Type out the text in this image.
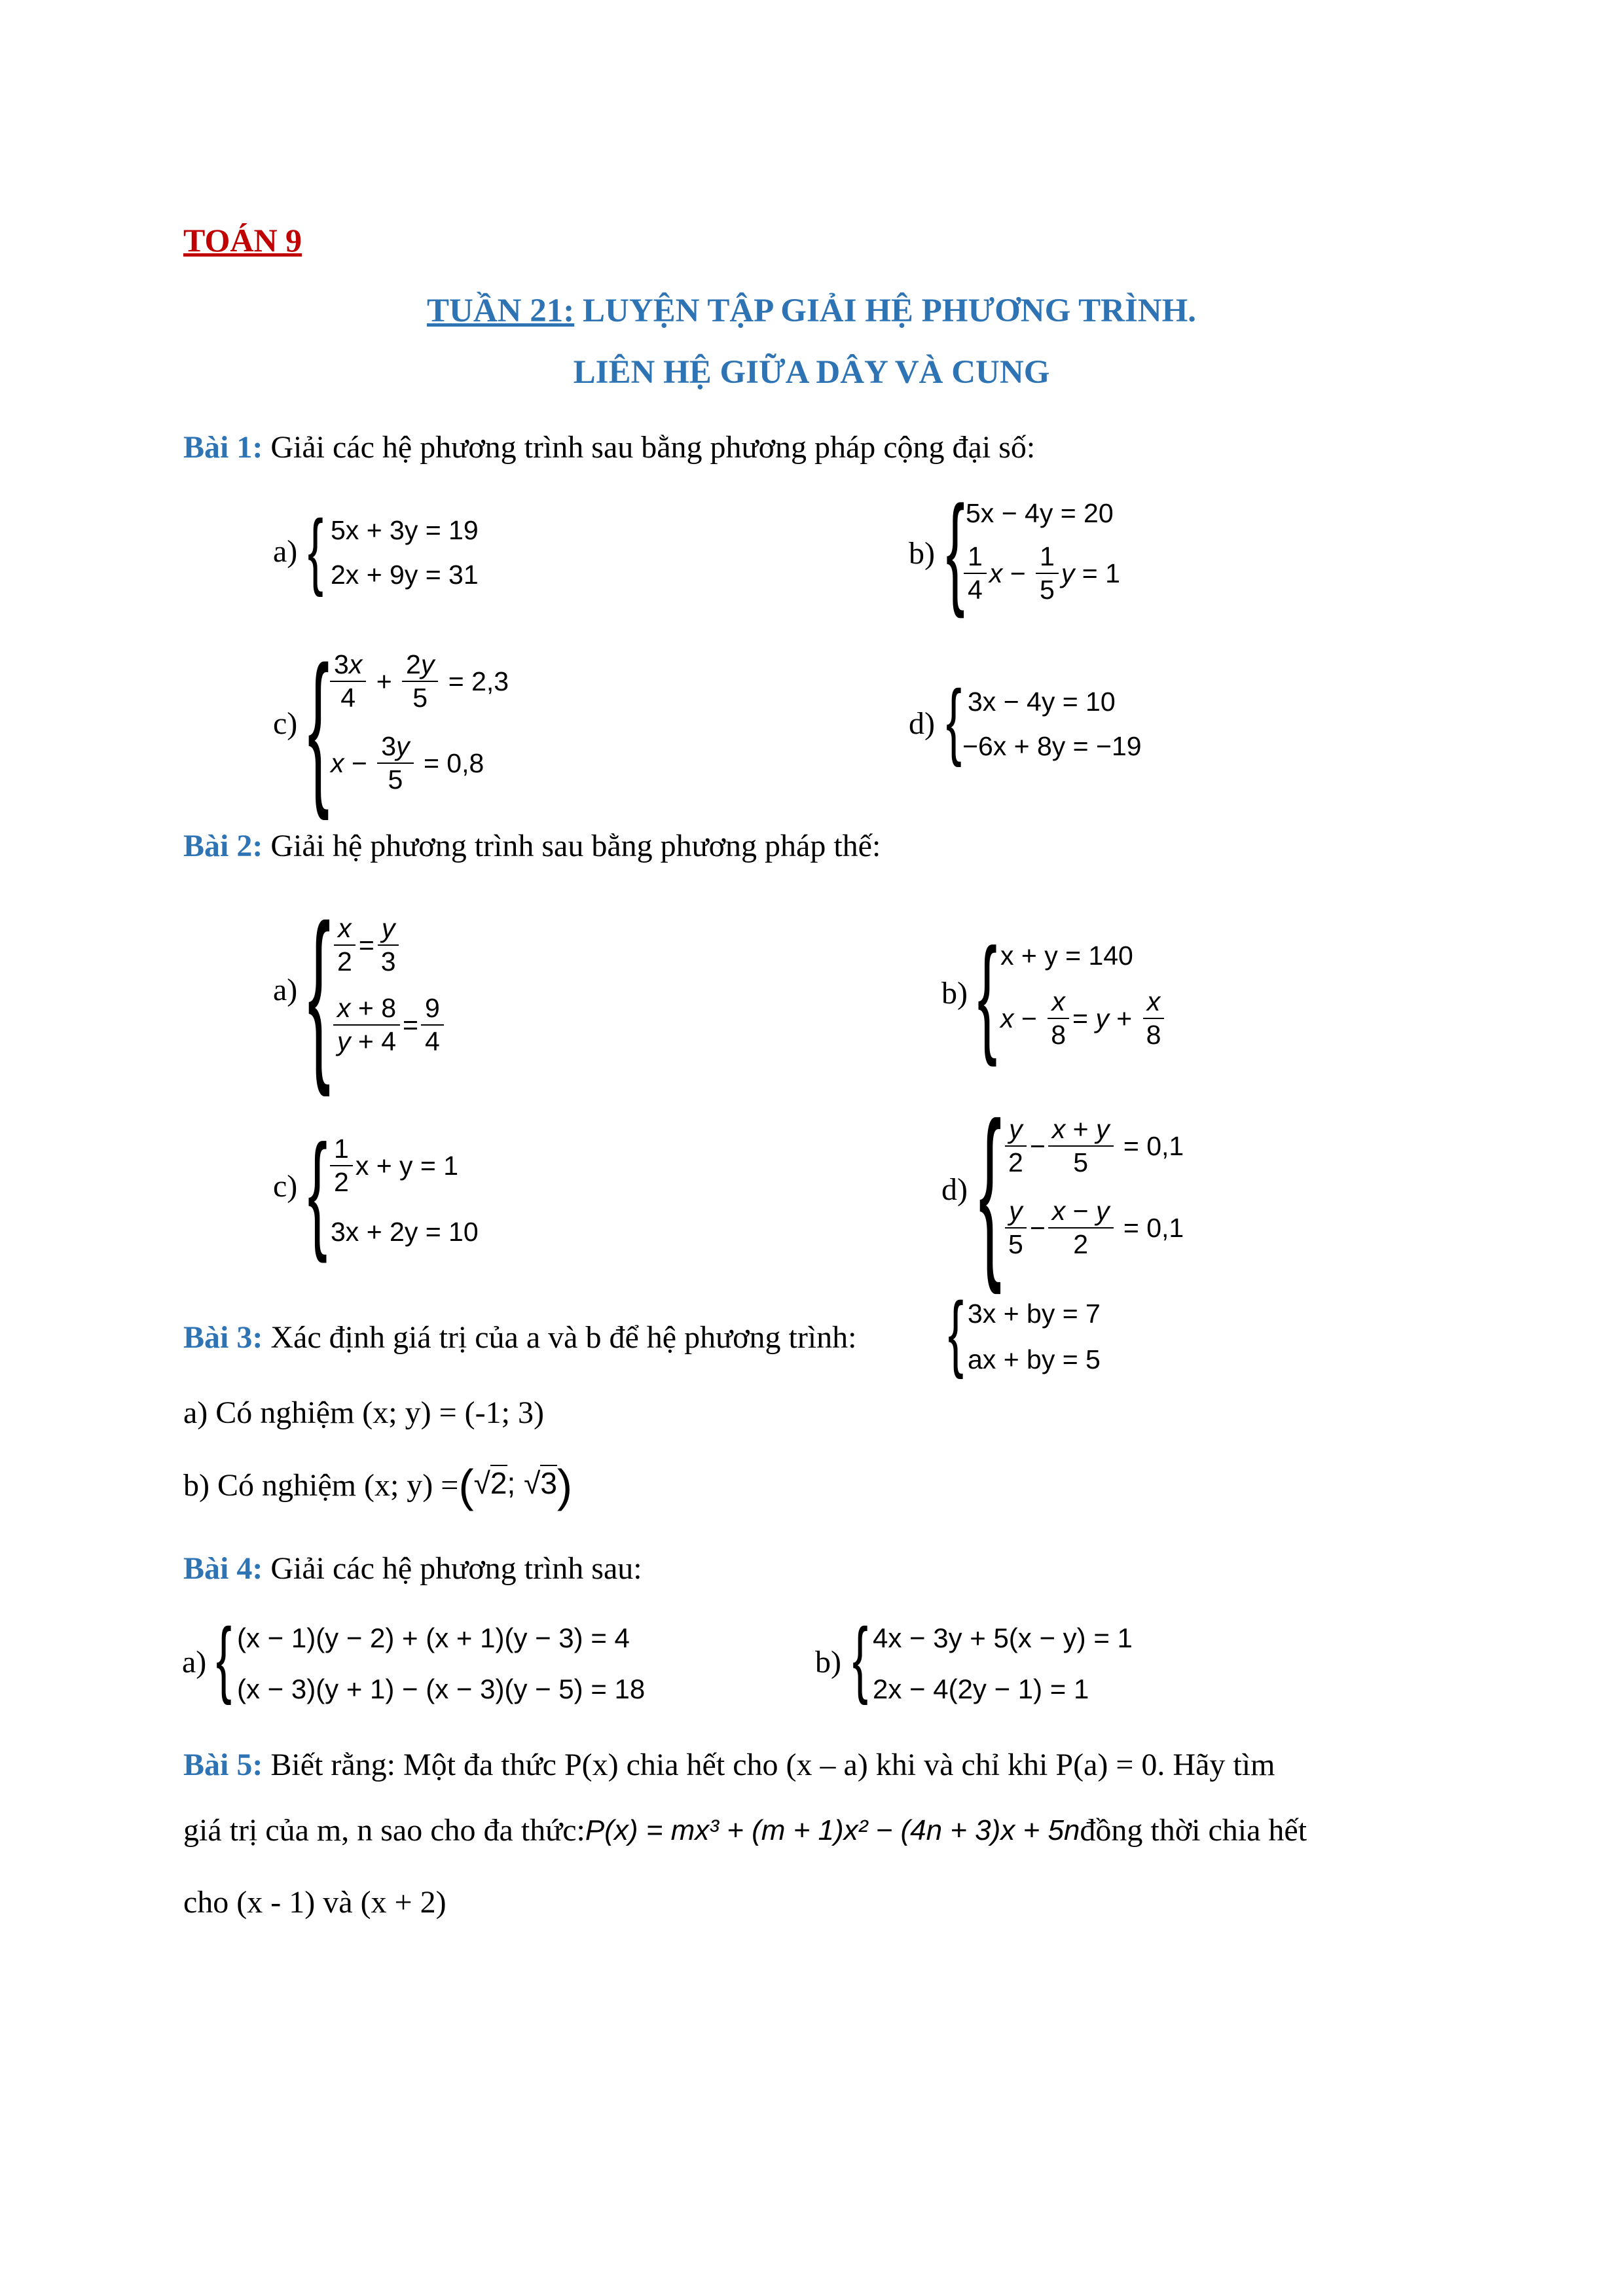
TOÁN 9
TUẦN 21: LUYỆN TẬP GIẢI HỆ PHƯƠNG TRÌNH.
LIÊN HỆ GIỮA DÂY VÀ CUNG
Bài 1: Giải các hệ phương trình sau bằng phương pháp cộng đại số:
a) { 5x + 3y = 19
2x + 9y = 31
b) { 5x − 4y = 20
$\frac{1}{4}$ $x - \frac{1}{5}$ y
= 1
c) { $\frac{3x}{4} + \frac{2y}{5}$
= 2,3
$x - \frac{3y}{5}$
= 0,8
d) { 3x − 4y = 10
−6x + 8y = −19
Bài 2: Giải hệ phương trình sau bằng phương pháp thế:
a) { $\frac{x}{2} = \frac{y}{3}$
$\frac{x + 8}{y + 4} = \frac{9}{4}$
b) { x + y = 140
$x - \frac{x}{8} = y + \frac{x}{8}$
c) { $\frac{1}{2}$ x + y = 1
3x + 2y = 10
d) { $\frac{y}{2} - \frac{x + y}{5}$
= 0,1
$\frac{y}{5} - \frac{x - y}{2}$
= 0,1
Bài 3: Xác định giá trị của a và b để hệ phương trình: { 3x + by = 7
ax + by = 5
a) Có nghiệm (x; y) = (-1; 3)
b) Có nghiệm (x; y) = (√2; √3)
Bài 4: Giải các hệ phương trình sau:
a) { (x − 1)(y − 2) + (x + 1)(y − 3) = 4
(x − 3)(y + 1) − (x − 3)(y − 5) = 18
b) { 4x − 3y + 5(x − y) = 1
2x − 4(2y − 1) = 1
Bài 5: Biết rằng: Một đa thức P(x) chia hết cho (x – a) khi và chỉ khi P(a) = 0. Hãy tìm
giá trị của m, n sao cho đa thức: P(x) = mx³ + (m + 1)x² − (4n + 3)x + 5n đồng thời chia hết
cho (x - 1) và (x + 2)
